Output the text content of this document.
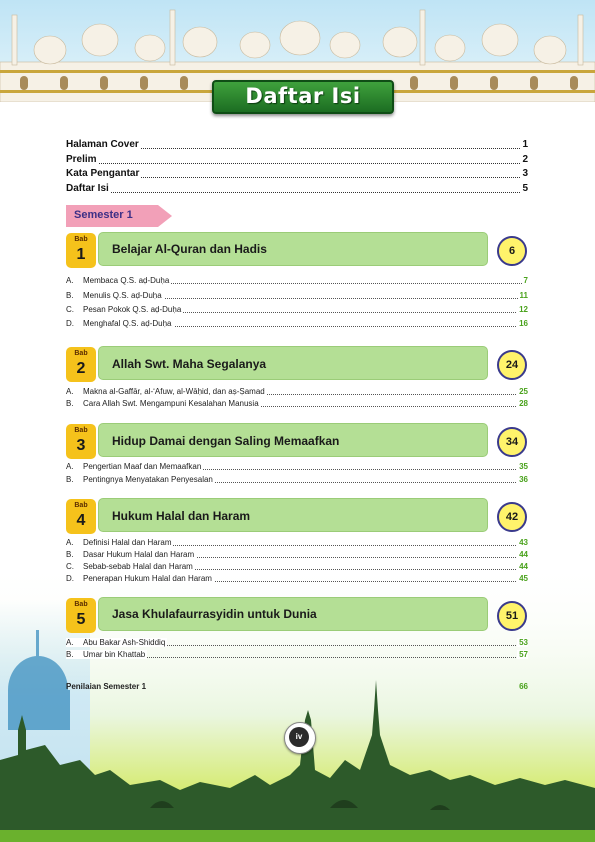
Daftar Isi
Halaman Cover	1
Prelim	2
Kata Pengantar	3
Daftar Isi	5
Semester 1
Bab
1	Belajar Al-Quran dan Hadis	6
A. Membaca Q.S. aḍ-Duḥa	7
B. Menulis Q.S. aḍ-Duḥa	11
C. Pesan Pokok Q.S. aḍ-Duḥa	12
D. Menghafal Q.S. aḍ-Duḥa	16
Bab
2	Allah Swt. Maha Segalanya	24
A. Makna al-Gaffār, al-ʻAfuw, al-Wāḥid, dan aṣ-Ṣamad	25
B. Cara Allah Swt. Mengampuni Kesalahan Manusia	28
Bab
3	Hidup Damai dengan Saling Memaafkan	34
A. Pengertian Maaf dan Memaafkan	35
B. Pentingnya Menyatakan Penyesalan	36
Bab
4	Hukum Halal dan Haram	42
A. Definisi Halal dan Haram	43
B. Dasar Hukum Halal dan Haram	44
C. Sebab-sebab Halal dan Haram	44
D. Penerapan Hukum Halal dan Haram	45
Bab
5	Jasa Khulafaurrasyidin untuk Dunia	51
A. Abu Bakar Ash-Shiddiq	53
B. Umar bin Khattab	57
Penilaian Semester 1	66
iv
